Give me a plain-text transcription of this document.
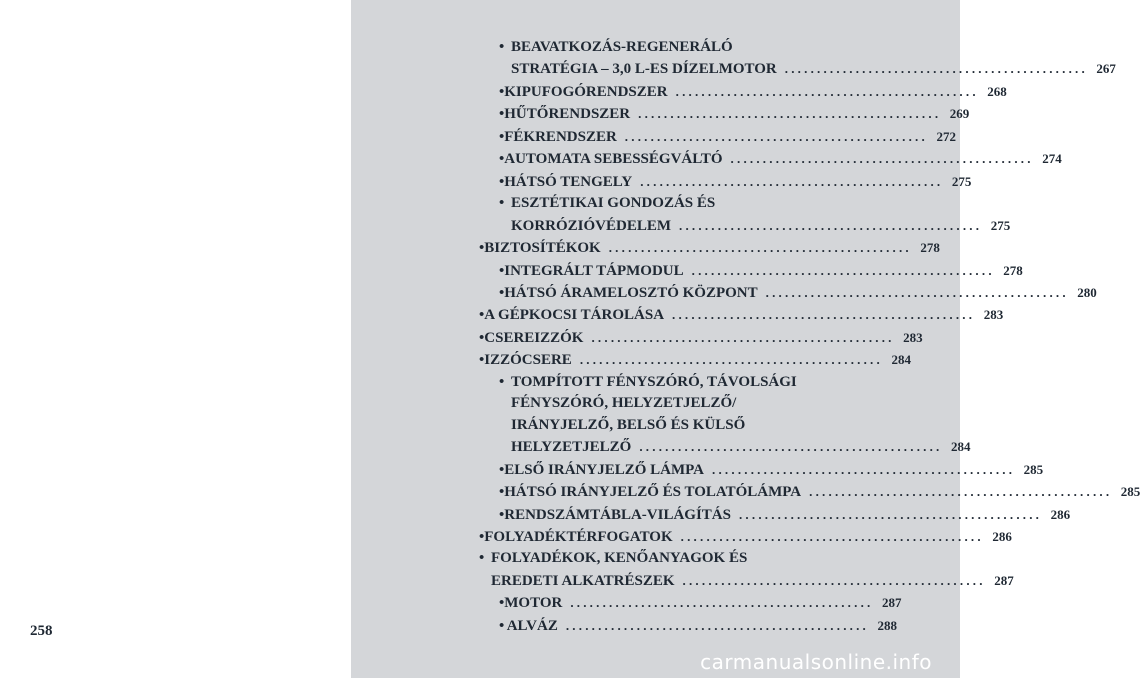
258
• BEAVATKOZÁS-REGENERÁLÓ
STRATÉGIA – 3,0 L-ES DÍZELMOTOR ............................................... 267
• KIPUFOGÓRENDSZER ............................................... 268
• HŰTŐRENDSZER ............................................... 269
• FÉKRENDSZER ............................................... 272
• AUTOMATA SEBESSÉGVÁLTÓ ............................................... 274
• HÁTSÓ TENGELY ............................................... 275
• ESZTÉTIKAI GONDOZÁS ÉS
KORRÓZIÓVÉDELEM ............................................... 275
• BIZTOSÍTÉKOK ............................................... 278
• INTEGRÁLT TÁPMODUL ............................................... 278
• HÁTSÓ ÁRAMELOSZTÓ KÖZPONT ............................................... 280
• A GÉPKOCSI TÁROLÁSA ............................................... 283
• CSEREIZZÓK ............................................... 283
• IZZÓCSERE ............................................... 284
• TOMPÍTOTT FÉNYSZÓRÓ, TÁVOLSÁGI
FÉNYSZÓRÓ, HELYZETJELZŐ/
IRÁNYJELZŐ, BELSŐ ÉS KÜLSŐ
HELYZETJELZŐ ............................................... 284
• ELSŐ IRÁNYJELZŐ LÁMPA ............................................... 285
• HÁTSÓ IRÁNYJELZŐ ÉS TOLATÓLÁMPA ............................................... 285
• RENDSZÁMTÁBLA-VILÁGÍTÁS ............................................... 286
• FOLYADÉKTÉRFOGATOK ............................................... 286
• FOLYADÉKOK, KENŐANYAGOK ÉS
EREDETI ALKATRÉSZEK ............................................... 287
• MOTOR ............................................... 287
• ALVÁZ ............................................... 288
carmanualsonline.info
